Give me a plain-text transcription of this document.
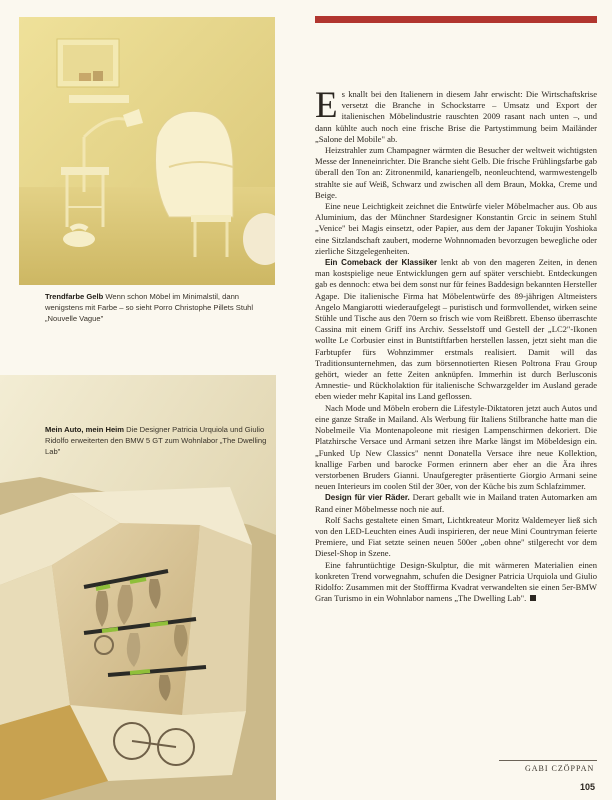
Trendfarbe Gelb Wenn schon Möbel im Minimalstil, dann wenigstens mit Farbe – so sieht Porro Christophe Pillets Stuhl „Nouvelle Vague"
Mein Auto, mein Heim Die Designer Patricia Urquiola und Giulio Ridolfo erweiterten den BMW 5 GT zum Wohnlabor „The Dwelling Lab"

Es knallt bei den Italienern in diesem Jahr erwischt: Die Wirtschaftskrise versetzt die Branche in Schockstarre – Umsatz und Export der italienischen Möbelindustrie rauschten 2009 rasant nach unten –, und dann kühlte auch noch eine frische Brise die Partystimmung beim Mailänder „Salone del Mobile" ab.

Heizstrahler zum Champagner wärmten die Besucher der weltweit wichtigsten Messe der Inneneinrichter. Die Branche sieht Gelb. Die frische Frühlingsfarbe gab überall den Ton an: Zitronenmild, kanariengelb, neonleuchtend, warmwestengelb strahlte sie auf Weiß, Schwarz und zwischen all dem Braun, Mokka, Creme und Beige.

Eine neue Leichtigkeit zeichnet die Entwürfe vieler Möbelmacher aus. Ob aus Aluminium, das der Münchner Stardesigner Konstantin Grcic in seinem Stuhl „Venice" bei Magis einsetzt, oder Papier, aus dem der Japaner Tokujin Yoshioka eine Sitzlandschaft zaubert, moderne Wohnnomaden bevorzugen bewegliche oder zierliche Sitzgelegenheiten.

Ein Comeback der Klassiker lenkt ab von den mageren Zeiten, in denen man kostspielige neue Entwicklungen gern auf später verschiebt. Entdeckungen gab es dennoch: etwa bei dem sonst nur für feines Baddesign bekannten Hersteller Agape. Die italienische Firma hat Möbelentwürfe des 89-jährigen Altmeisters Angelo Mangiarotti wiederaufgelegt – puristisch und formvollendet, wirken seine Stühle und Tische aus den 70ern so frisch wie vom Reißbrett. Ebenso überraschte Cassina mit einem Griff ins Archiv. Sesselstoff und Gestell der „LC2"-Ikonen wollte Le Corbusier einst in Buntstiftfarben herstellen lassen, jetzt sieht man die Farbtupfer fürs Wohnzimmer erstmals realisiert. Damit will das Traditionsunternehmen, das zum börsennotierten Riesen Poltrona Frau Group gehört, wieder an fette Zeiten anknüpfen. Immerhin ist durch Berlusconis Amnestie- und Rückholaktion für italienische Schwarzgelder im Ausland gerade eben wieder mehr Kapital ins Land geflossen.

Nach Mode und Möbeln erobern die Lifestyle-Diktatoren jetzt auch Autos und eine ganze Straße in Mailand. Als Werbung für Italiens Stilbranche hatte man die Nobelmeile Via Montenapoleone mit riesigen Lampenschirmen dekoriert. Die Platzhirsche Versace und Armani setzen ihre Marke längst im Möbeldesign ein. „Funked Up New Classics" nennt Donatella Versace ihre neue Kollektion, knallige Farben und barocke Formen erinnern aber eher an die Ära ihres verstorbenen Bruders Gianni. Unaufgeregter präsentierte Giorgio Armani seine neuen Interieurs im coolen Stil der 30er, von der Küche bis zum Schlafzimmer.

Design für vier Räder. Derart geballt wie in Mailand traten Automarken am Rand einer Möbelmesse noch nie auf.

Rolf Sachs gestaltete einen Smart, Lichtkreateur Moritz Waldemeyer ließ sich von den LED-Leuchten eines Audi inspirieren, der neue Mini Countryman feierte Premiere, und Fiat setzte seinen neuen 500er „oben ohne" stilgerecht vor dem Diesel-Shop in Szene.

Eine fahruntüchtige Design-Skulptur, die mit wärmeren Materialien einen konkreten Trend vorwegnahm, schufen die Designer Patricia Urquiola und Giulio Ridolfo: Zusammen mit der Stofffirma Kvadrat verwandelten sie einen 5er-BMW Gran Turismo in ein Wohnlabor namens „The Dwelling Lab".

GABI CZÖPPAN
105
